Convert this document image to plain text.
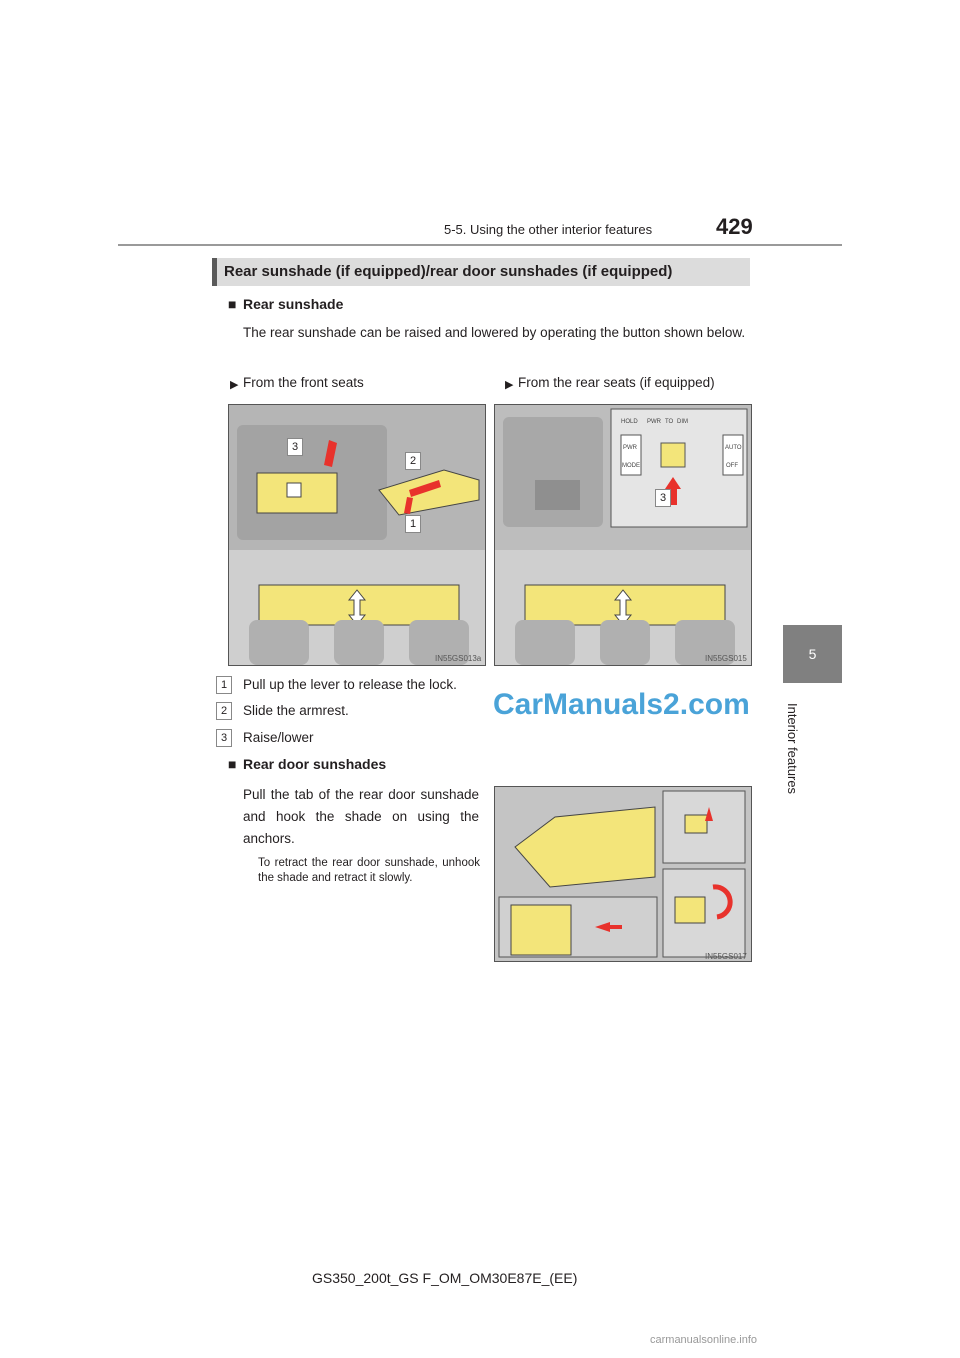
5-5. Using the other interior features	429
5
Interior features
Rear sunshade (if equipped)/rear door sunshades (if equipped)
■ Rear sunshade
The rear sunshade can be raised and lowered by operating the button shown below.
▶ From the front seats	▶ From the rear seats (if equipped)
3
2
1
IN55GS013a
HOLD PWR TO DIM
PWR
MODE
AUTO
OFF
3
IN55GS015
1	Pull up the lever to release the lock.
2	Slide the armrest.
3	Raise/lower
CarManuals2.com
■ Rear door sunshades
Pull the tab of the rear door sunshade and hook the shade on using the anchors.
To retract the rear door sunshade, unhook the shade and retract it slowly.
IN55GS017
GS350_200t_GS F_OM_OM30E87E_(EE)
carmanualsonline.info
